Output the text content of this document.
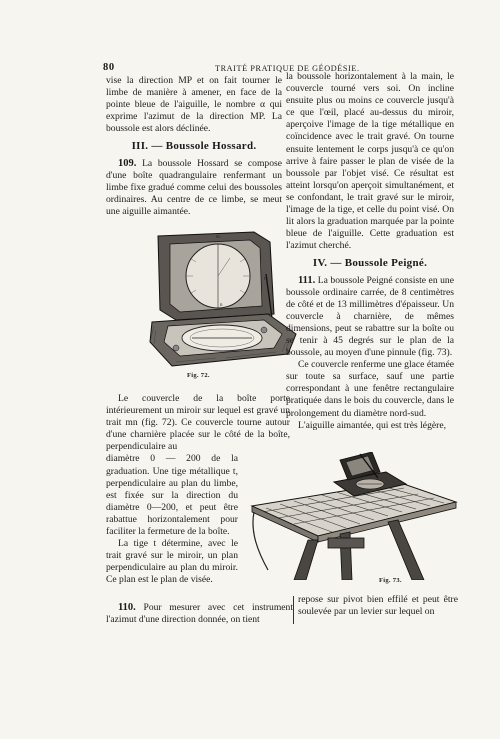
80	TRAITÉ PRATIQUE DE GÉODÉSIE.

vise la direction MP et on fait tourner le limbe de manière à amener, en face de la pointe bleue de l'aiguille, le nombre α qui exprime l'azimut de la direction MP. La boussole est alors déclinée.

III. — Boussole Hossard.

109. La boussole Hossard se compose d'une boîte quadrangulaire renfermant un limbe fixe gradué comme celui des boussoles ordinaires. Au centre de ce limbe, se meut une aiguille aimantée.

m
n
t
Fig. 72.

Le couvercle de la boîte porte intérieurement un miroir sur lequel est gravé un trait mn (fig. 72). Ce couvercle tourne autour d'une charnière placée sur le côté de la boîte, perpendiculaire au

diamètre 0 — 200 de la graduation. Une tige métallique t, perpendiculaire au plan du limbe, est fixée sur la direction du diamètre 0—200, et peut être rabattue horizontalement pour faciliter la fermeture de la boîte.

La tige t détermine, avec le trait gravé sur le miroir, un plan perpendiculaire au plan du miroir. Ce plan est le plan de visée.

110. Pour mesurer avec cet instrument l'azimut d'une direction donnée, on tient

la boussole horizontalement à la main, le couvercle tourné vers soi. On incline ensuite plus ou moins ce couvercle jusqu'à ce que l'œil, placé au-dessus du miroir, aperçoive l'image de la tige métallique en coïncidence avec le trait gravé. On tourne ensuite lentement le corps jusqu'à ce qu'on arrive à faire passer le plan de visée de la boussole par l'objet visé. Ce résultat est atteint lorsqu'on aperçoit simultanément, et se confondant, le trait gravé sur le miroir, l'image de la tige, et celle du point visé. On lit alors la graduation marquée par la pointe bleue de l'aiguille. Cette graduation est l'azimut cherché.

IV. — Boussole Peigné.

111. La boussole Peigné consiste en une boussole ordinaire carrée, de 8 centimètres de côté et de 13 millimètres d'épaisseur. Un couvercle à charnière, de mêmes dimensions, peut se rabattre sur la boîte ou se tenir à 45 degrés sur le plan de la boussole, au moyen d'une pinnule (fig. 73).

Ce couvercle renferme une glace étamée sur toute sa surface, sauf une partie correspondant à une fenêtre rectangulaire pratiquée dans le bois du couvercle, dans le prolongement du diamètre nord-sud.

L'aiguille aimantée, qui est très légère,

Fig. 73.

repose sur pivot bien effilé et peut être soulevée par un levier sur lequel on
